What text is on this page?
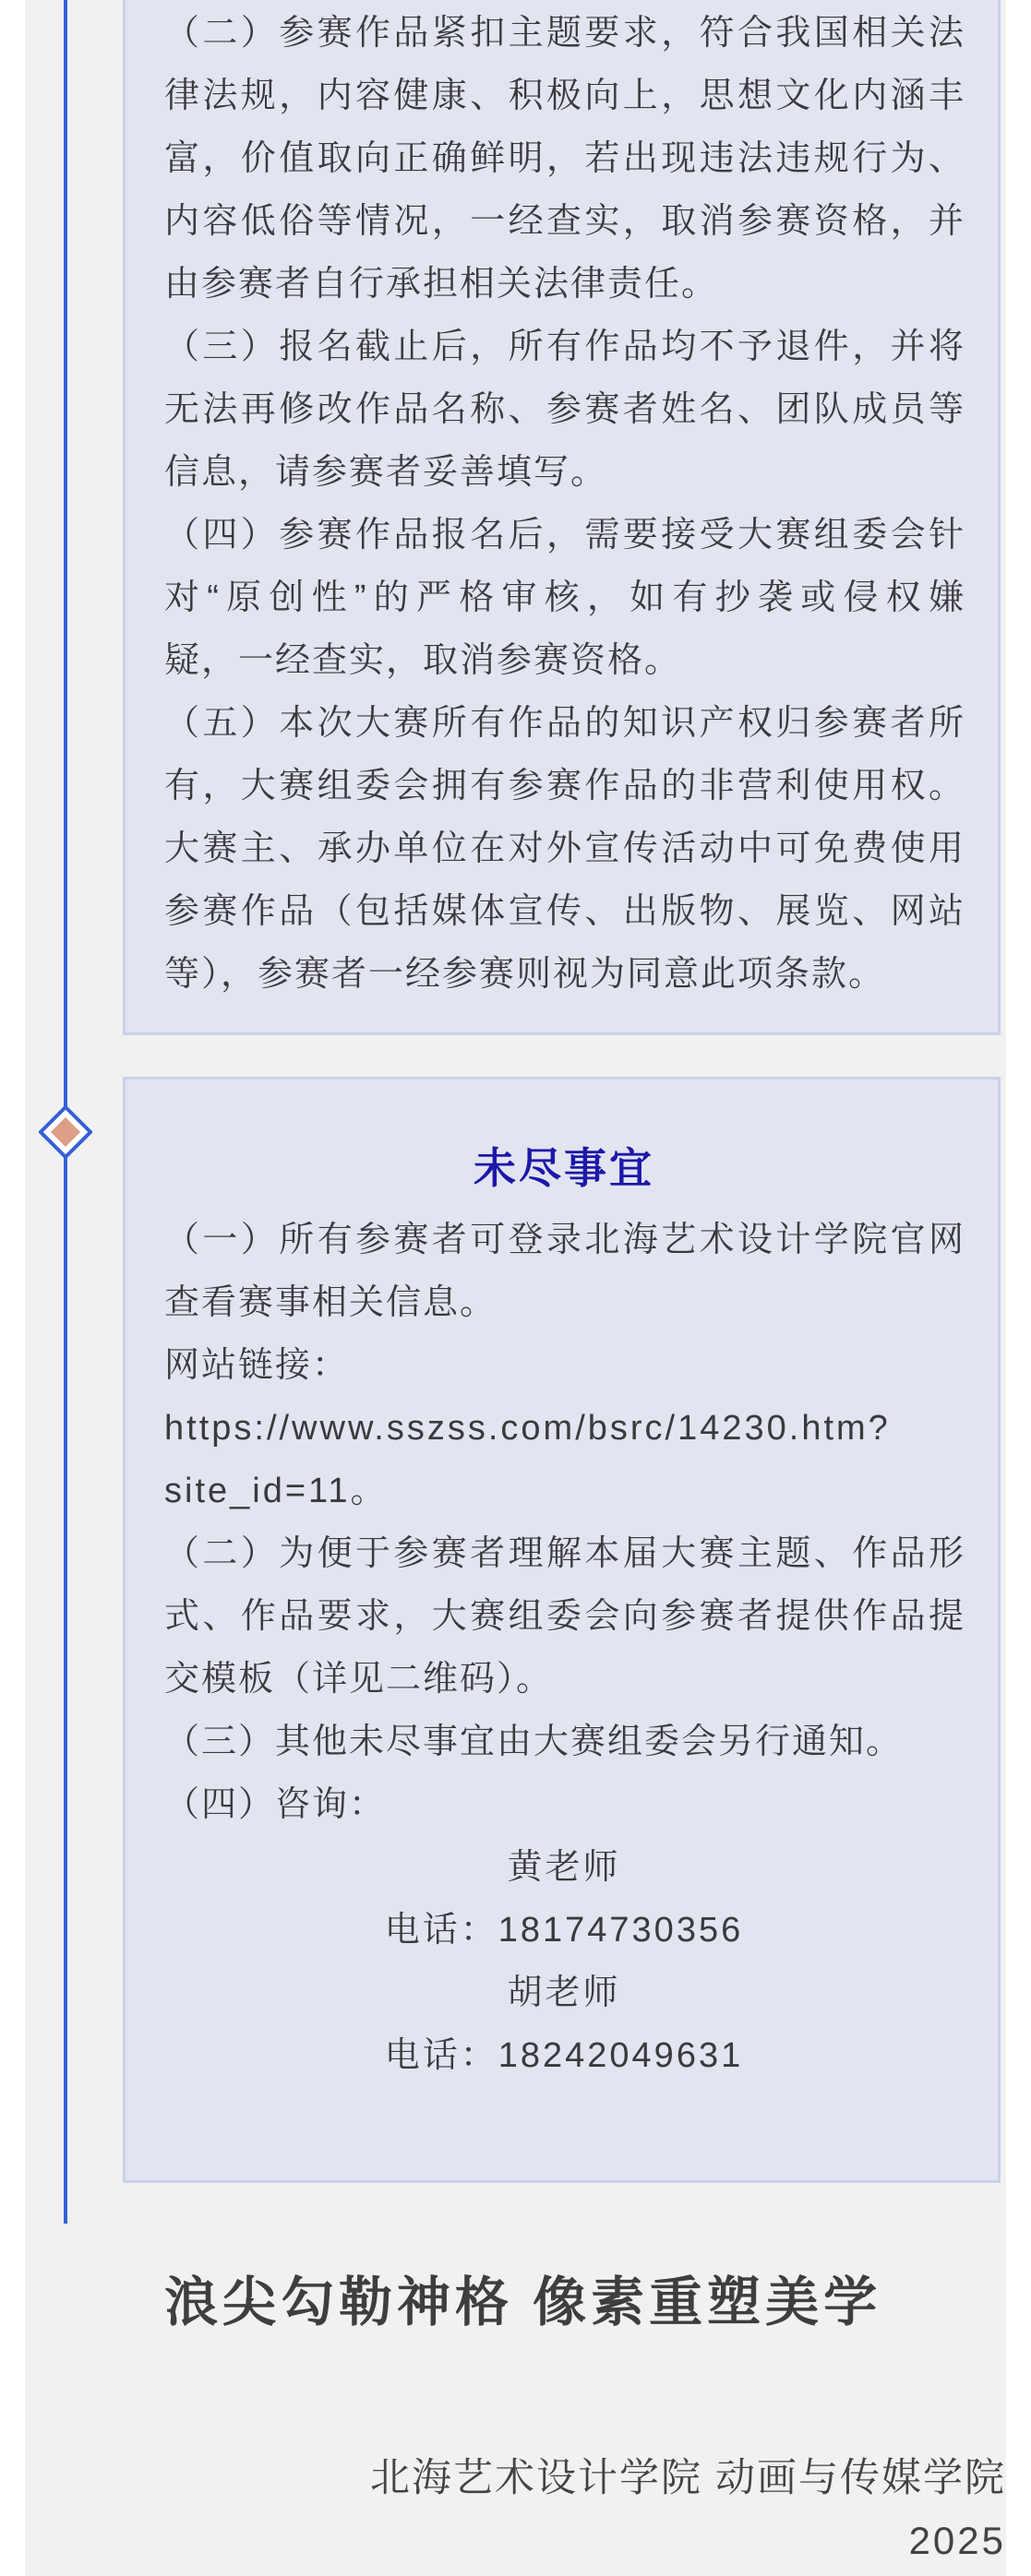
（二）参赛作品紧扣主题要求，符合我国相关法
律法规，内容健康、积极向上，思想文化内涵丰
富，价值取向正确鲜明，若出现违法违规行为、
内容低俗等情况，一经查实，取消参赛资格，并
由参赛者自行承担相关法律责任。
（三）报名截止后，所有作品均不予退件，并将
无法再修改作品名称、参赛者姓名、团队成员等
信息，请参赛者妥善填写。
（四）参赛作品报名后，需要接受大赛组委会针
对“原创性”的严格审核，如有抄袭或侵权嫌
疑，一经查实，取消参赛资格。
（五）本次大赛所有作品的知识产权归参赛者所
有，大赛组委会拥有参赛作品的非营利使用权。
大赛主、承办单位在对外宣传活动中可免费使用
参赛作品（包括媒体宣传、出版物、展览、网站
等），参赛者一经参赛则视为同意此项条款。
未尽事宜
（一）所有参赛者可登录北海艺术设计学院官网
查看赛事相关信息。
网站链接：
https://www.sszss.com/bsrc/14230.htm?
site_id=11。
（二）为便于参赛者理解本届大赛主题、作品形
式、作品要求，大赛组委会向参赛者提供作品提
交模板（详见二维码）。
（三）其他未尽事宜由大赛组委会另行通知。
（四）咨询：
黄老师
电话：18174730356
胡老师
电话：18242049631
浪尖勾勒神格 像素重塑美学
北海艺术设计学院 动画与传媒学院
2025
